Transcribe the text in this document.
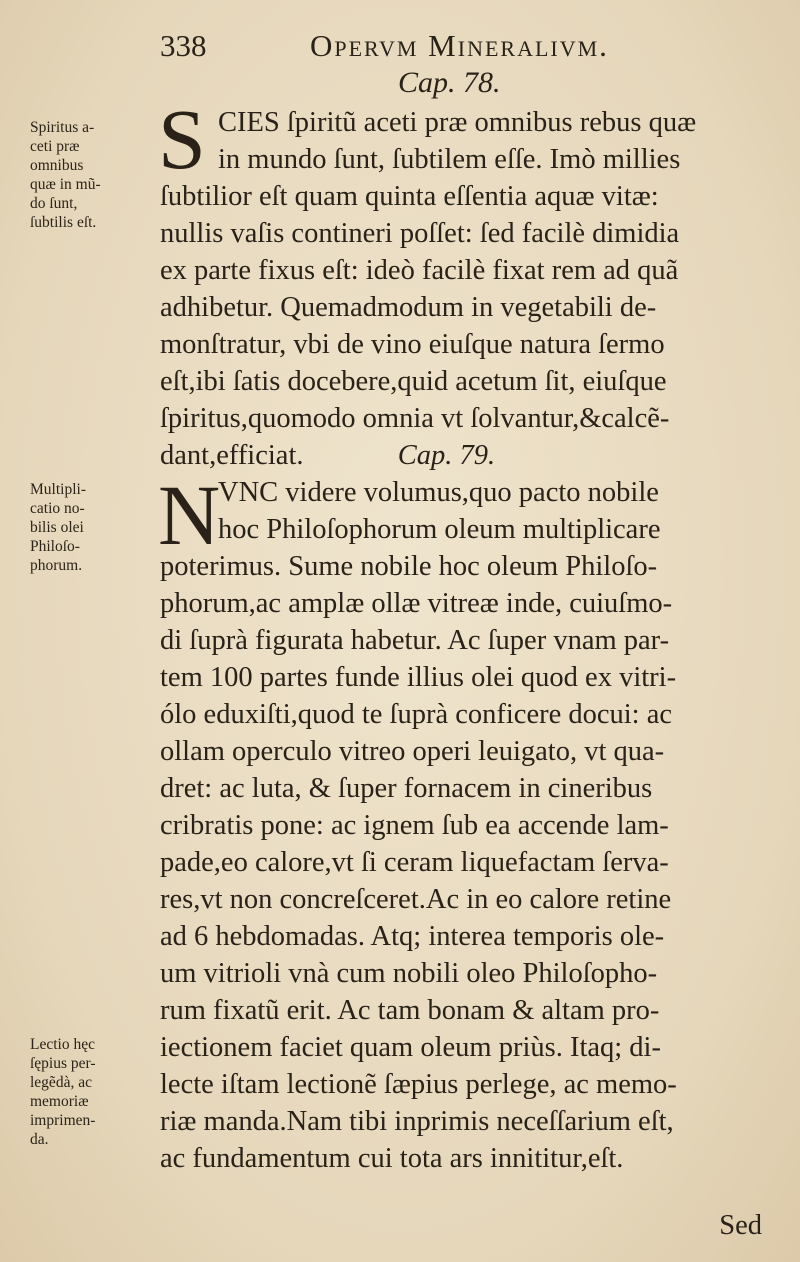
338	Opervm Mineralivm.
Cap. 78.
S CIES ſpiritũ aceti præ omnibus rebus quæ
in mundo ſunt, ſubtilem eſſe. Imò millies
ſubtilior eſt quam quinta eſſentia aquæ vitæ:
nullis vaſis contineri poſſet: ſed facilè dimidia
ex parte fixus eſt: ideò facilè fixat rem ad quã
adhibetur. Quemadmodum in vegetabili de-
monſtratur, vbi de vino eiuſque natura ſermo
eſt,ibi ſatis docebere,quid acetum ſit, eiuſque
ſpiritus,quomodo omnia vt ſolvantur,&calcẽ-
dant,efficiat.	Cap. 79.
VNC videre volumus,quo pacto nobile
hoc Philoſophorum oleum multiplicare
poterimus. Sume nobile hoc oleum Philoſo-
phorum,ac amplæ ollæ vitreæ inde, cuiuſmo-
di ſuprà figurata habetur. Ac ſuper vnam par-
tem 100 partes funde illius olei quod ex vitri-
ólo eduxiſti,quod te ſuprà conficere docui: ac
ollam operculo vitreo operi leuigato, vt qua-
dret: ac luta, & ſuper fornacem in cineribus
cribratis pone: ac ignem ſub ea accende lam-
pade,eo calore,vt ſi ceram liquefactam ſerva-
res,vt non concreſceret.Ac in eo calore retine
ad 6 hebdomadas. Atq; interea temporis ole-
um vitrioli vnà cum nobili oleo Philoſopho-
rum fixatũ erit. Ac tam bonam & altam pro-
iectionem faciet quam oleum priùs. Itaq; di-
lecte iſtam lectionẽ ſæpius perlege, ac memo-
riæ manda.Nam tibi inprimis neceſſarium eſt,
ac fundamentum cui tota ars innititur,eſt.
N
Spiritus a-
ceti præ
omnibus
quæ in mũ-
do ſunt,
ſubtilis eſt.
Multipli-
catio no-
bilis olei
Philoſo-
phorum.
Lectio hęc
ſępius per-
legẽdà, ac
memoriæ
imprimen-
da.
Sed
